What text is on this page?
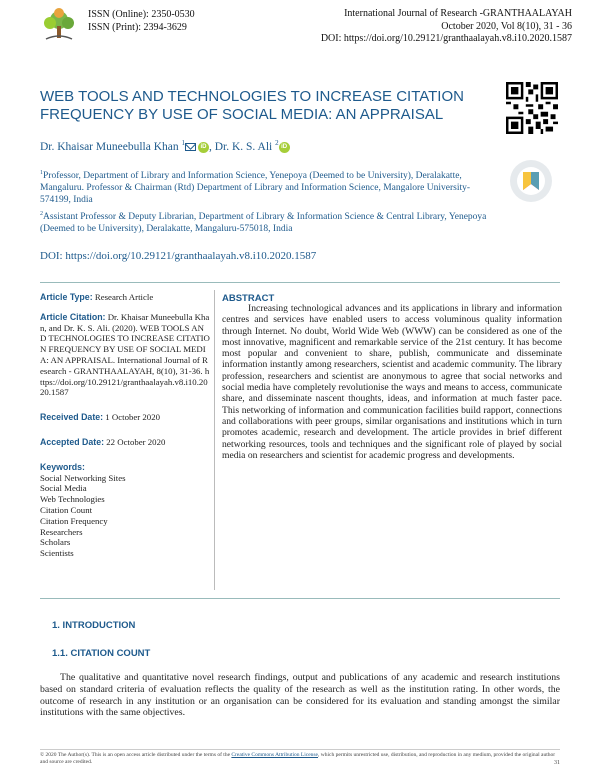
ISSN (Online): 2350-0530
ISSN (Print): 2394-3629
International Journal of Research -GRANTHAALAYAH
October 2020, Vol 8(10), 31 - 36
DOI: https://doi.org/10.29121/granthaalayah.v8.i10.2020.1587
WEB TOOLS AND TECHNOLOGIES TO INCREASE CITATION FREQUENCY BY USE OF SOCIAL MEDIA: AN APPRAISAL
Dr. Khaisar Muneebulla Khan $^1$	iD , Dr. K. S. Ali $^2$ iD
$^1$Professor, Department of Library and Information Science, Yenepoya (Deemed to be University), Deralakatte, Mangaluru. Professor & Chairman (Rtd) Department of Library and Information Science, Mangalore University-574199, India
$^2$Assistant Professor & Deputy Librarian, Department of Library & Information Science & Central Library, Yenepoya (Deemed to be University), Deralakatte, Mangaluru-575018, India
DOI: https://doi.org/10.29121/granthaalayah.v8.i10.2020.1587
Article Type: Research Article
Article Citation: Dr. Khaisar Muneebulla Khan, and Dr. K. S. Ali. (2020). WEB TOOLS AND TECHNOLOGIES TO INCREASE CITATION FREQUENCY BY USE OF SOCIAL MEDIA: AN APPRAISAL. International Journal of Research - GRANTHAALAYAH, 8(10), 31-36. https://doi.org/10.29121/granthaalayah.v8.i10.2020.1587
Received Date: 1 October 2020
Accepted Date: 22 October 2020
Keywords:
Social Networking Sites
Social Media
Web Technologies
Citation Count
Citation Frequency
Researchers
Scholars
Scientists
ABSTRACT
Increasing technological advances and its applications in library and information centres and services have enabled users to access voluminous quality information through Internet. No doubt, World Wide Web (WWW) can be considered as one of the most innovative, magnificent and remarkable service of the 21st century. It has become most popular and convenient to share, publish, communicate and disseminate information instantly among researchers, scientist and academic community. The library profession, researchers and scientist are anonymous to agree that social networks and social media have completely revolutionise the ways and means to access, communicate share, and disseminate nascent thoughts, ideas, and information at much faster pace. This networking of information and communication facilities build rapport, connections and collaborations with peer groups, similar organisations and institutions which in turn promotes academic, research and development. The article provides in brief different networking resources, tools and techniques and the significant role of played by social media on researchers and scientist for academic progress and developments.
1. INTRODUCTION
1.1. CITATION COUNT
The qualitative and quantitative novel research findings, output and publications of any academic and research institutions based on standard criteria of evaluation reflects the quality of the research as well as the institution rating. In other words, the outcome of research in any institution or an organisation can be considered for its evaluation and standing amongst the similar institutions with the same objectives.
© 2020 The Author(s). This is an open access article distributed under the terms of the Creative Commons Attribution License, which permits unrestricted use, distribution, and reproduction in any medium, provided the original author and source are credited.	31
